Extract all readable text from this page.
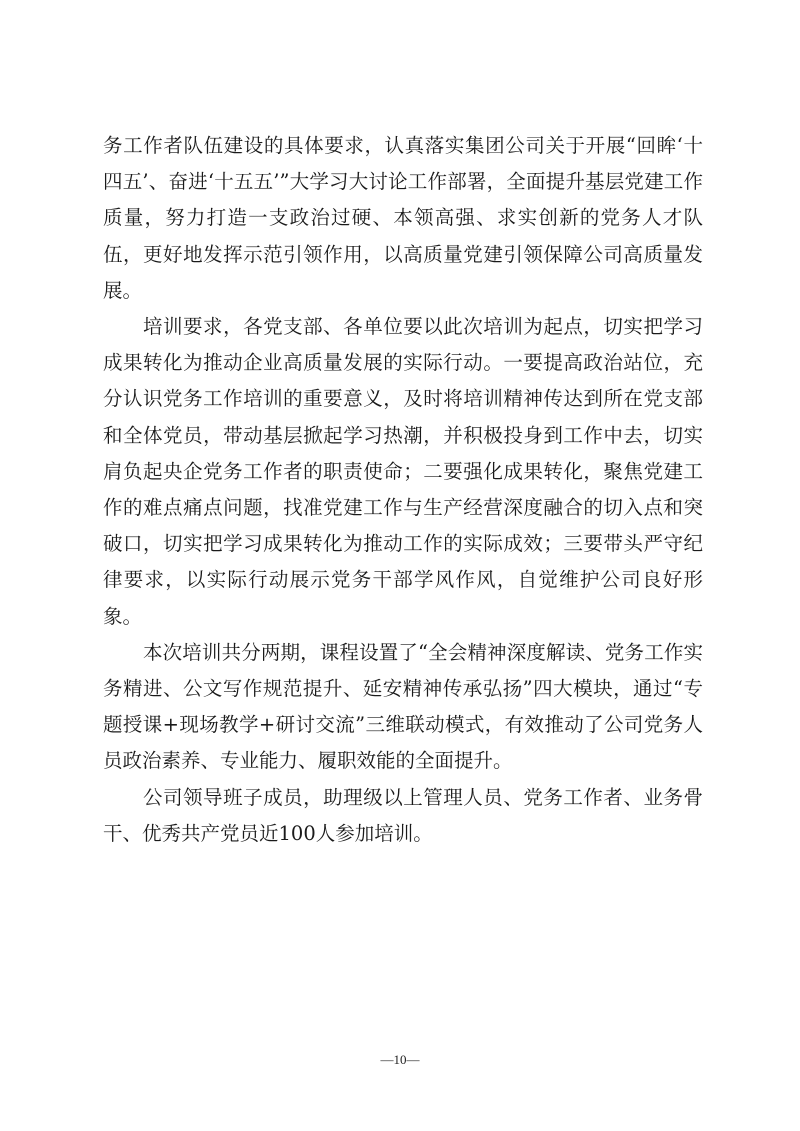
务工作者队伍建设的具体要求，认真落实集团公司关于开展“回眸‘十四五’、奋进‘十五五’”大学习大讨论工作部署，全面提升基层党建工作质量，努力打造一支政治过硬、本领高强、求实创新的党务人才队伍，更好地发挥示范引领作用，以高质量党建引领保障公司高质量发展。

培训要求，各党支部、各单位要以此次培训为起点，切实把学习成果转化为推动企业高质量发展的实际行动。一要提高政治站位，充分认识党务工作培训的重要意义，及时将培训精神传达到所在党支部和全体党员，带动基层掀起学习热潮，并积极投身到工作中去，切实肩负起央企党务工作者的职责使命；二要强化成果转化，聚焦党建工作的难点痛点问题，找准党建工作与生产经营深度融合的切入点和突破口，切实把学习成果转化为推动工作的实际成效；三要带头严守纪律要求，以实际行动展示党务干部学风作风，自觉维护公司良好形象。

本次培训共分两期，课程设置了“全会精神深度解读、党务工作实务精进、公文写作规范提升、延安精神传承弘扬”四大模块，通过“专题授课+现场教学+研讨交流”三维联动模式，有效推动了公司党务人员政治素养、专业能力、履职效能的全面提升。

公司领导班子成员，助理级以上管理人员、党务工作者、业务骨干、优秀共产党员近100人参加培训。

—10—
